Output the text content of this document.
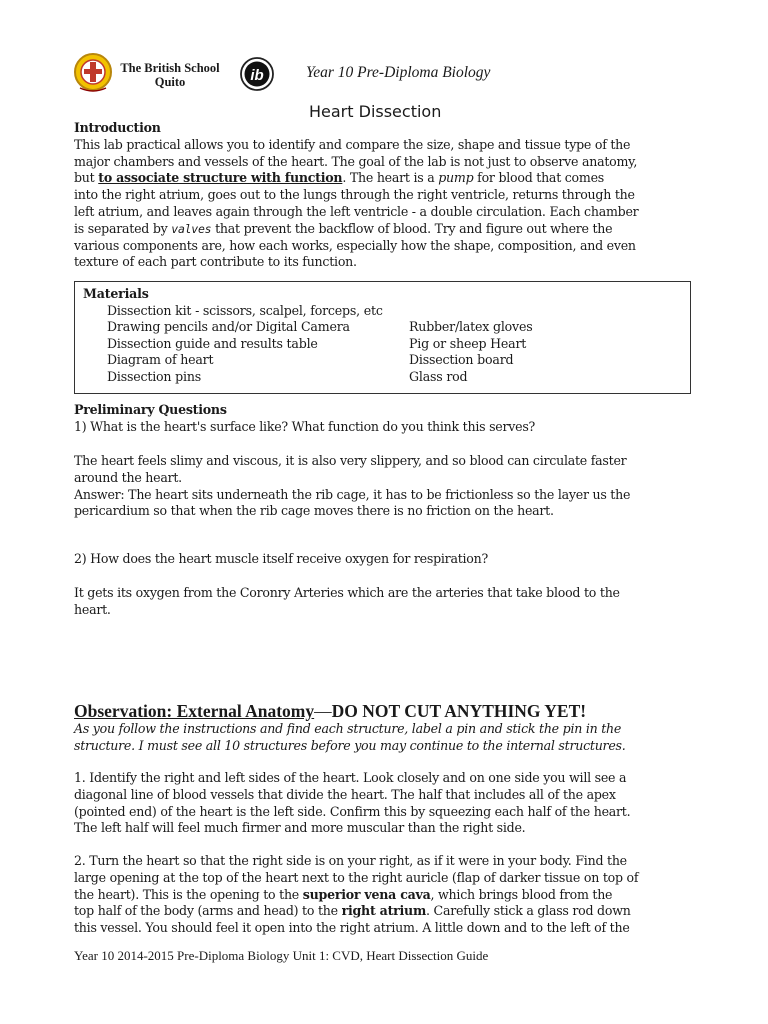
The British School
Quito	ib	Year 10 Pre-Diploma Biology
Heart Dissection
Introduction
This lab practical allows you to identify and compare the size, shape and tissue type of the
major chambers and vessels of the heart. The goal of the lab is not just to observe anatomy,
but to associate structure with function. The heart is a pump for blood that comes
into the right atrium, goes out to the lungs through the right ventricle, returns through the
left atrium, and leaves again through the left ventricle - a double circulation. Each chamber
is separated by valves that prevent the backflow of blood. Try and figure out where the
various components are, how each works, especially how the shape, composition, and even
texture of each part contribute to its function.
Materials
Dissection kit - scissors, scalpel, forceps, etc
Drawing pencils and/or Digital Camera
Dissection guide and results table
Diagram of heart
Dissection pins
Rubber/latex gloves
Pig or sheep Heart
Dissection board
Glass rod
Preliminary Questions
1) What is the heart's surface like? What function do you think this serves?
The heart feels slimy and viscous, it is also very slippery, and so blood can circulate faster
around the heart.
Answer: The heart sits underneath the rib cage, it has to be frictionless so the layer us the
pericardium so that when the rib cage moves there is no friction on the heart.
2) How does the heart muscle itself receive oxygen for respiration?
It gets its oxygen from the Coronry Arteries which are the arteries that take blood to the
heart.
Observation: External Anatomy—DO NOT CUT ANYTHING YET!
As you follow the instructions and find each structure, label a pin and stick the pin in the
structure. I must see all 10 structures before you may continue to the internal structures.
1. Identify the right and left sides of the heart. Look closely and on one side you will see a
diagonal line of blood vessels that divide the heart. The half that includes all of the apex
(pointed end) of the heart is the left side. Confirm this by squeezing each half of the heart.
The left half will feel much firmer and more muscular than the right side.
2. Turn the heart so that the right side is on your right, as if it were in your body. Find the
large opening at the top of the heart next to the right auricle (flap of darker tissue on top of
the heart). This is the opening to the superior vena cava, which brings blood from the
top half of the body (arms and head) to the right atrium. Carefully stick a glass rod down
this vessel. You should feel it open into the right atrium. A little down and to the left of the
Year 10 2014-2015 Pre-Diploma Biology Unit 1: CVD, Heart Dissection Guide
